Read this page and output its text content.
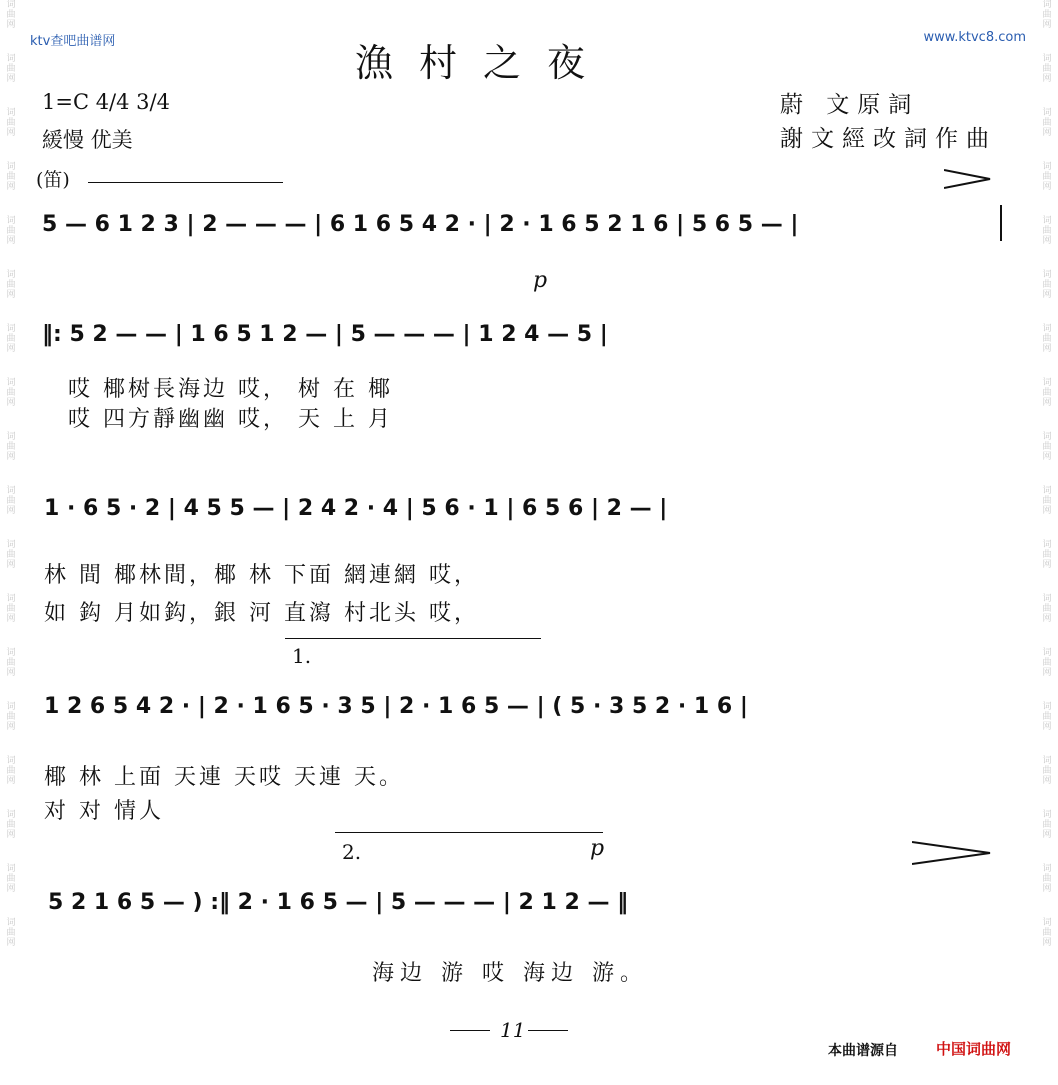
词
曲
网
词
曲
网
词
曲
网
词
曲
网
词
曲
网
词
曲
网
词
曲
网
词
曲
网
词
曲
网
词
曲
网
词
曲
网
词
曲
网
词
曲
网
词
曲
网
词
曲
网
词
曲
网
词
曲
网
词
曲
网
词
曲
网
词
曲
网
词
曲
网
词
曲
网
词
曲
网
词
曲
网
词
曲
网
词
曲
网
词
曲
网
词
曲
网
词
曲
网
词
曲
网
词
曲
网
词
曲
网
词
曲
网
词
曲
网
词
曲
网
词
曲
网
ktv查吧曲谱网	www.ktvc8.com
漁村之夜
1=C 4/4 3/4
緩慢 优美
蔚 文原詞
謝文經改詞作曲
(笛)
5 — 6 1 2 3 | 2 — — — | 6 1 6 5 4 2 · | 2 · 1 6 5 2 1 6 | 5 6 5 — |
p
‖: 5 2 — — | 1 6 5 1 2 — | 5 — — — | 1 2 4 — 5 |
哎 椰树長海边 哎， 树 在 椰
哎 四方靜幽幽 哎， 天 上 月
1 · 6 5 · 2 | 4 5 5 — | 2 4 2 · 4 | 5 6 · 1 | 6 5 6 | 2 — |
林 間 椰林間，椰 林 下面 網連網 哎，
如 鈎 月如鈎，銀 河 直瀉 村北头 哎，
1.
1 2 6 5 4 2 · | 2 · 1 6 5 · 3 5 | 2 · 1 6 5 — | ( 5 · 3 5 2 · 1 6 |
椰 林 上面 天連 天哎 天連 天。
对 对 情人
2.	p
5 2 1 6 5 — ) :‖ 2 · 1 6 5 — | 5 — — — | 2 1 2 — ‖
海边 游 哎 海边 游。
11
本曲谱源自	中国词曲网
